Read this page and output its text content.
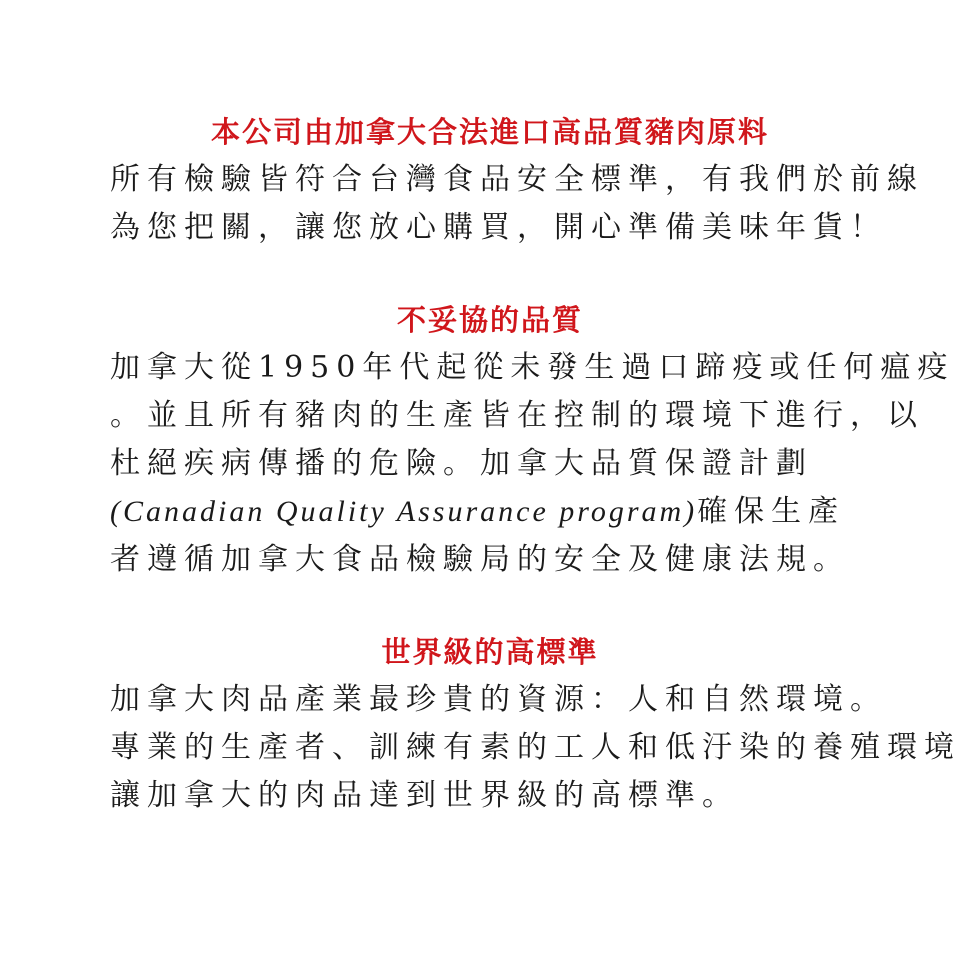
本公司由加拿大合法進口高品質豬肉原料
所有檢驗皆符合台灣食品安全標準，有我們於前線
為您把關，讓您放心購買，開心準備美味年貨！
不妥協的品質
加拿大從1950年代起從未發生過口蹄疫或任何瘟疫
。並且所有豬肉的生產皆在控制的環境下進行，以
杜絕疾病傳播的危險。加拿大品質保證計劃
(Canadian Quality Assurance program)確保生產
者遵循加拿大食品檢驗局的安全及健康法規。
世界級的高標準
加拿大肉品產業最珍貴的資源：人和自然環境。
專業的生產者、訓練有素的工人和低汙染的養殖環境
讓加拿大的肉品達到世界級的高標準。
